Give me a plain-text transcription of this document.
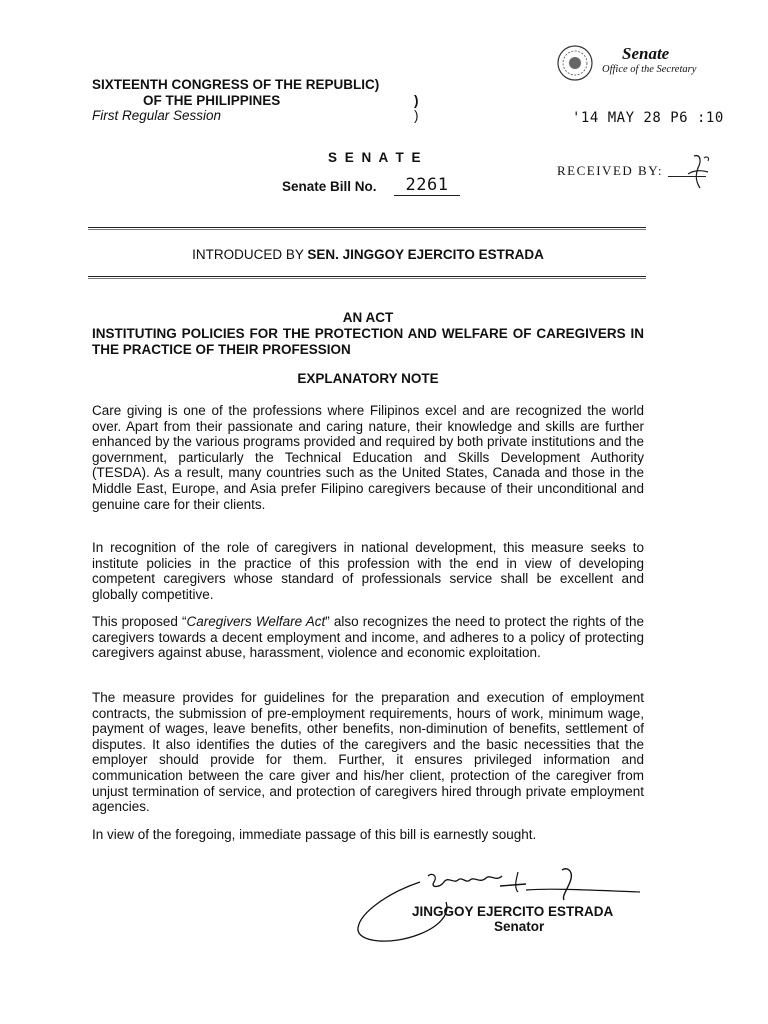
SIXTEENTH CONGRESS OF THE REPUBLIC)
OF THE PHILIPPINES	)
First Regular Session	)
Senate
Office of the Secretary
'14 MAY 28 P6 :10
RECEIVED BY:
S E N A T E
Senate Bill No.	2261
INTRODUCED BY SEN. JINGGOY EJERCITO ESTRADA
AN ACT
INSTITUTING POLICIES FOR THE PROTECTION AND WELFARE OF CAREGIVERS IN THE PRACTICE OF THEIR PROFESSION
EXPLANATORY NOTE
Care giving is one of the professions where Filipinos excel and are recognized the world over. Apart from their passionate and caring nature, their knowledge and skills are further enhanced by the various programs provided and required by both private institutions and the government, particularly the Technical Education and Skills Development Authority (TESDA). As a result, many countries such as the United States, Canada and those in the Middle East, Europe, and Asia prefer Filipino caregivers because of their unconditional and genuine care for their clients.
In recognition of the role of caregivers in national development, this measure seeks to institute policies in the practice of this profession with the end in view of developing competent caregivers whose standard of professionals service shall be excellent and globally competitive.
This proposed “Caregivers Welfare Act” also recognizes the need to protect the rights of the caregivers towards a decent employment and income, and adheres to a policy of protecting caregivers against abuse, harassment, violence and economic exploitation.
The measure provides for guidelines for the preparation and execution of employment contracts, the submission of pre-employment requirements, hours of work, minimum wage, payment of wages, leave benefits, other benefits, non-diminution of benefits, settlement of disputes. It also identifies the duties of the caregivers and the basic necessities that the employer should provide for them. Further, it ensures privileged information and communication between the care giver and his/her client, protection of the caregiver from unjust termination of service, and protection of caregivers hired through private employment agencies.
In view of the foregoing, immediate passage of this bill is earnestly sought.
JINGGOY EJERCITO ESTRADA
Senator
